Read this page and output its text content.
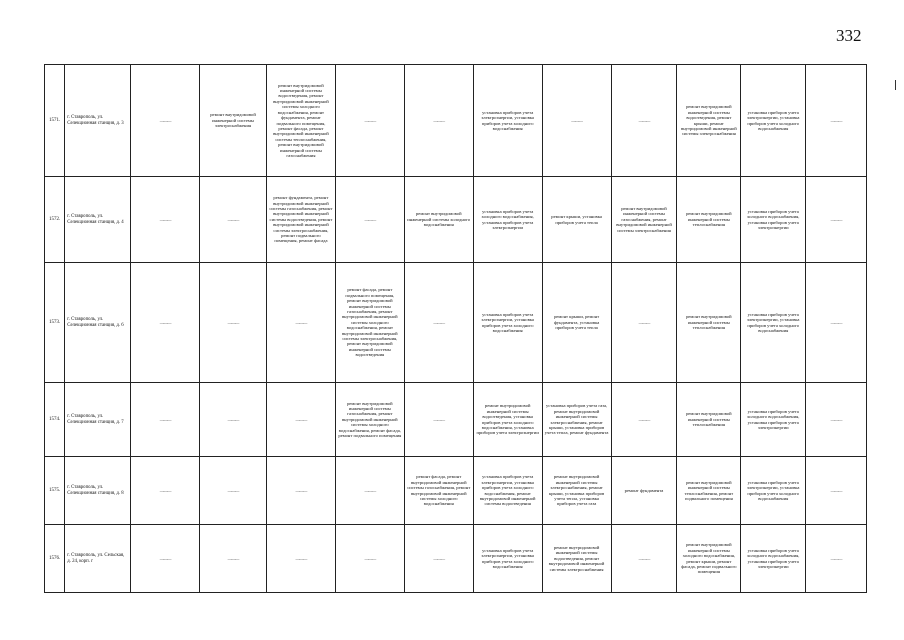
332
1571.	г. Ставрополь, ул. Селекционная станция, д. 3	———	ремонт внутридомовой инженерной системы электроснабжения	ремонт внутридомовой инженерной системы водоотведения, ремонт внутридомовой инженерной системы холодного водоснабжения, ремонт фундамента, ремонт подвального помещения, ремонт фасада, ремонт внутридомовой инженерной системы теплоснабжения, ремонт внутридомовой инженерной системы газоснабжения	———	———	установка приборов учета электроэнергии, установка приборов учета холодного водоснабжения	———	———	ремонт внутридомовой инженерной системы водоотведения, ремонт крыши, ремонт внутридомовой инженерной системы электроснабжения	установка приборов учета электроэнергии, установка приборов учета холодного водоснабжения	———
1572.	г. Ставрополь, ул. Селекционная станция, д. 4	———	———	ремонт фундамента, ремонт внутридомовой инженерной системы газоснабжения, ремонт внутридомовой инженерной системы водоотведения, ремонт внутридомовой инженерной системы электроснабжения, ремонт подвального помещения, ремонт фасада	———	ремонт внутридомовой инженерной системы холодного водоснабжения	установка приборов учета холодного водоснабжения, установка приборов учета электроэнергии	ремонт крыши, установка приборов учета тепла	ремонт внутридомовой инженерной системы газоснабжения, ремонт внутридомовой инженерной системы электроснабжения	ремонт внутридомовой инженерной системы теплоснабжения	установка приборов учета холодного водоснабжения, установка приборов учета электроэнергии	———
1573.	г. Ставрополь, ул. Селекционная станция, д. 6	———	———	———	ремонт фасада, ремонт подвального помещения, ремонт внутридомовой инженерной системы газоснабжения, ремонт внутридомовой инженерной системы холодного водоснабжения, ремонт внутридомовой инженерной системы электроснабжения, ремонт внутридомовой инженерной системы водоотведения	———	установка приборов учета электроэнергии, установка приборов учета холодного водоснабжения	ремонт крыши, ремонт фундамента, установка приборов учета тепла	———	ремонт внутридомовой инженерной системы теплоснабжения	установка приборов учета электроэнергии, установка приборов учета холодного водоснабжения	———
1574.	г. Ставрополь, ул. Селекционная станция, д. 7	———	———	———	ремонт внутридомовой инженерной системы газоснабжения, ремонт внутридомовой инженерной системы холодного водоснабжения, ремонт фасада, ремонт подвального помещения	———	ремонт внутридомовой инженерной системы водоотведения, установка приборов учета холодного водоснабжения, установка приборов учета электроэнергии	установка приборов учета газа, ремонт внутридомовой инженерной системы электроснабжения, ремонт крыши, установка приборов учета тепла, ремонт фундамента	———	ремонт внутридомовой инженерной системы теплоснабжения	установка приборов учета холодного водоснабжения, установка приборов учета электроэнергии	———
1575.	г. Ставрополь, ул. Селекционная станция, д. 8	———	———	———	———	ремонт фасада, ремонт внутридомовой инженерной системы газоснабжения, ремонт внутридомовой инженерной системы холодного водоснабжения	установка приборов учета электроэнергии, установка приборов учета холодного водоснабжения, ремонт внутридомовой инженерной системы водоотведения	ремонт внутридомовой инженерной системы электроснабжения, ремонт крыши, установка приборов учета тепла, установка приборов учета газа	ремонт фундамента	ремонт внутридомовой инженерной системы теплоснабжения, ремонт подвального помещения	установка приборов учета электроэнергии, установка приборов учета холодного водоснабжения	———
1576.	г. Ставрополь, ул. Сельская, д. 24, корп. г	———	———	———	———	———	установка приборов учета электроэнергии, установка приборов учета холодного водоснабжения	ремонт внутридомовой инженерной системы водоотведения, ремонт внутридомовой инженерной системы электроснабжения	———	ремонт внутридомовой инженерной системы холодного водоснабжения, ремонт крыши, ремонт фасада, ремонт подвального помещения	установка приборов учета холодного водоснабжения, установка приборов учета электроэнергии	———
